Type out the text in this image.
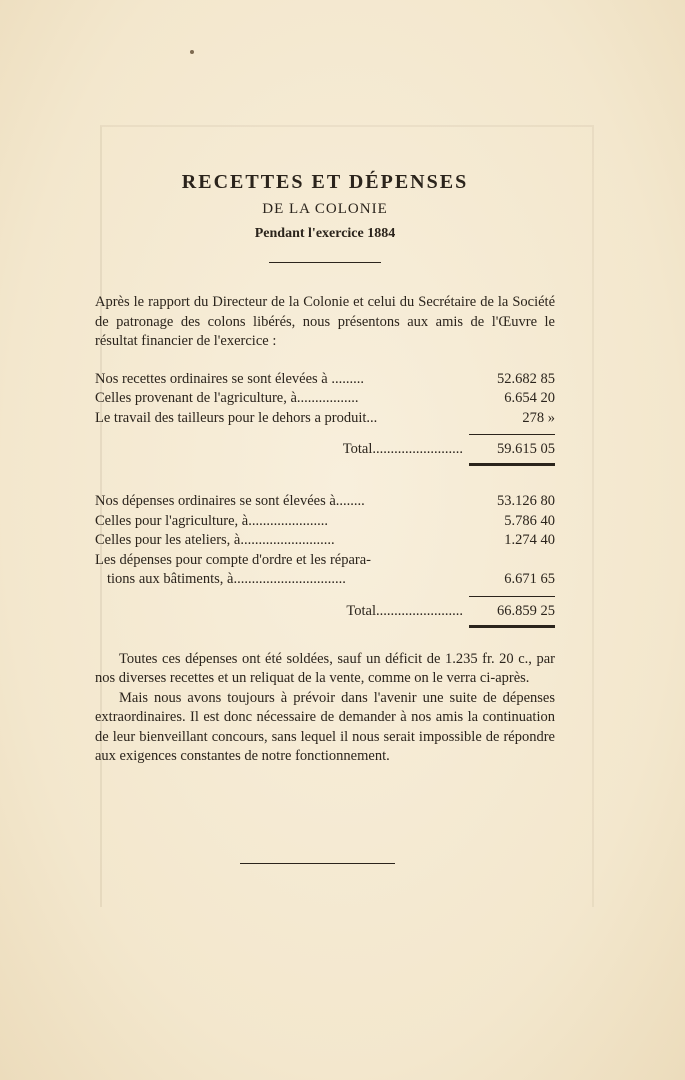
RECETTES ET DÉPENSES
DE LA COLONIE
Pendant l'exercice 1884

Après le rapport du Directeur de la Colonie et celui du Secrétaire de la Société de patronage des colons libérés, nous présentons aux amis de l'Œuvre le résultat financier de l'exercice :

Nos recettes ordinaires se sont élevées à .........	52.682 85
Celles provenant de l'agriculture, à.................	6.654 20
Le travail des tailleurs pour le dehors a produit...	278 »
Total.........................	59.615 05
Nos dépenses ordinaires se sont élevées à........	53.126 80
Celles pour l'agriculture, à......................	5.786 40
Celles pour les ateliers, à..........................	1.274 40
Les dépenses pour compte d'ordre et les répara-
tions aux bâtiments, à...............................	6.671 65
Total........................	66.859 25

Toutes ces dépenses ont été soldées, sauf un déficit de 1.235 fr. 20 c., par nos diverses recettes et un reliquat de la vente, comme on le verra ci-après.

Mais nous avons toujours à prévoir dans l'avenir une suite de dépenses extraordinaires. Il est donc nécessaire de demander à nos amis la continuation de leur bienveillant concours, sans lequel il nous serait impossible de répondre aux exigences constantes de notre fonctionnement.
